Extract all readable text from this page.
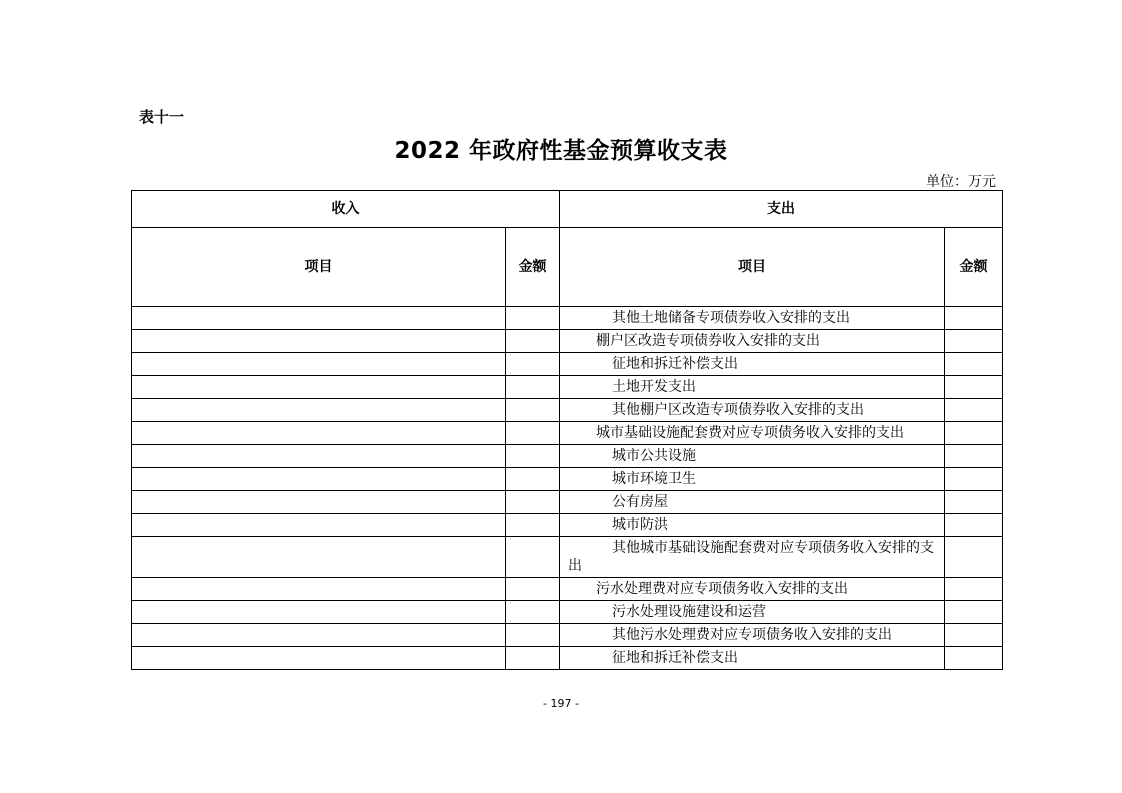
表十一
2022 年政府性基金预算收支表
单位：万元
收入		支出	
项目	金额	项目	金额
		其他土地储备专项债券收入安排的支出	
		棚户区改造专项债券收入安排的支出	
		征地和拆迁补偿支出	
		土地开发支出	
		其他棚户区改造专项债券收入安排的支出	
		城市基础设施配套费对应专项债务收入安排的支出	
		城市公共设施	
		城市环境卫生	
		公有房屋	
		城市防洪	

		其他城市基础设施配套费对应专项债务收入安排的支出	

		污水处理费对应专项债务收入安排的支出	
		污水处理设施建设和运营	
		其他污水处理费对应专项债务收入安排的支出	
		征地和拆迁补偿支出	
- 197 -
